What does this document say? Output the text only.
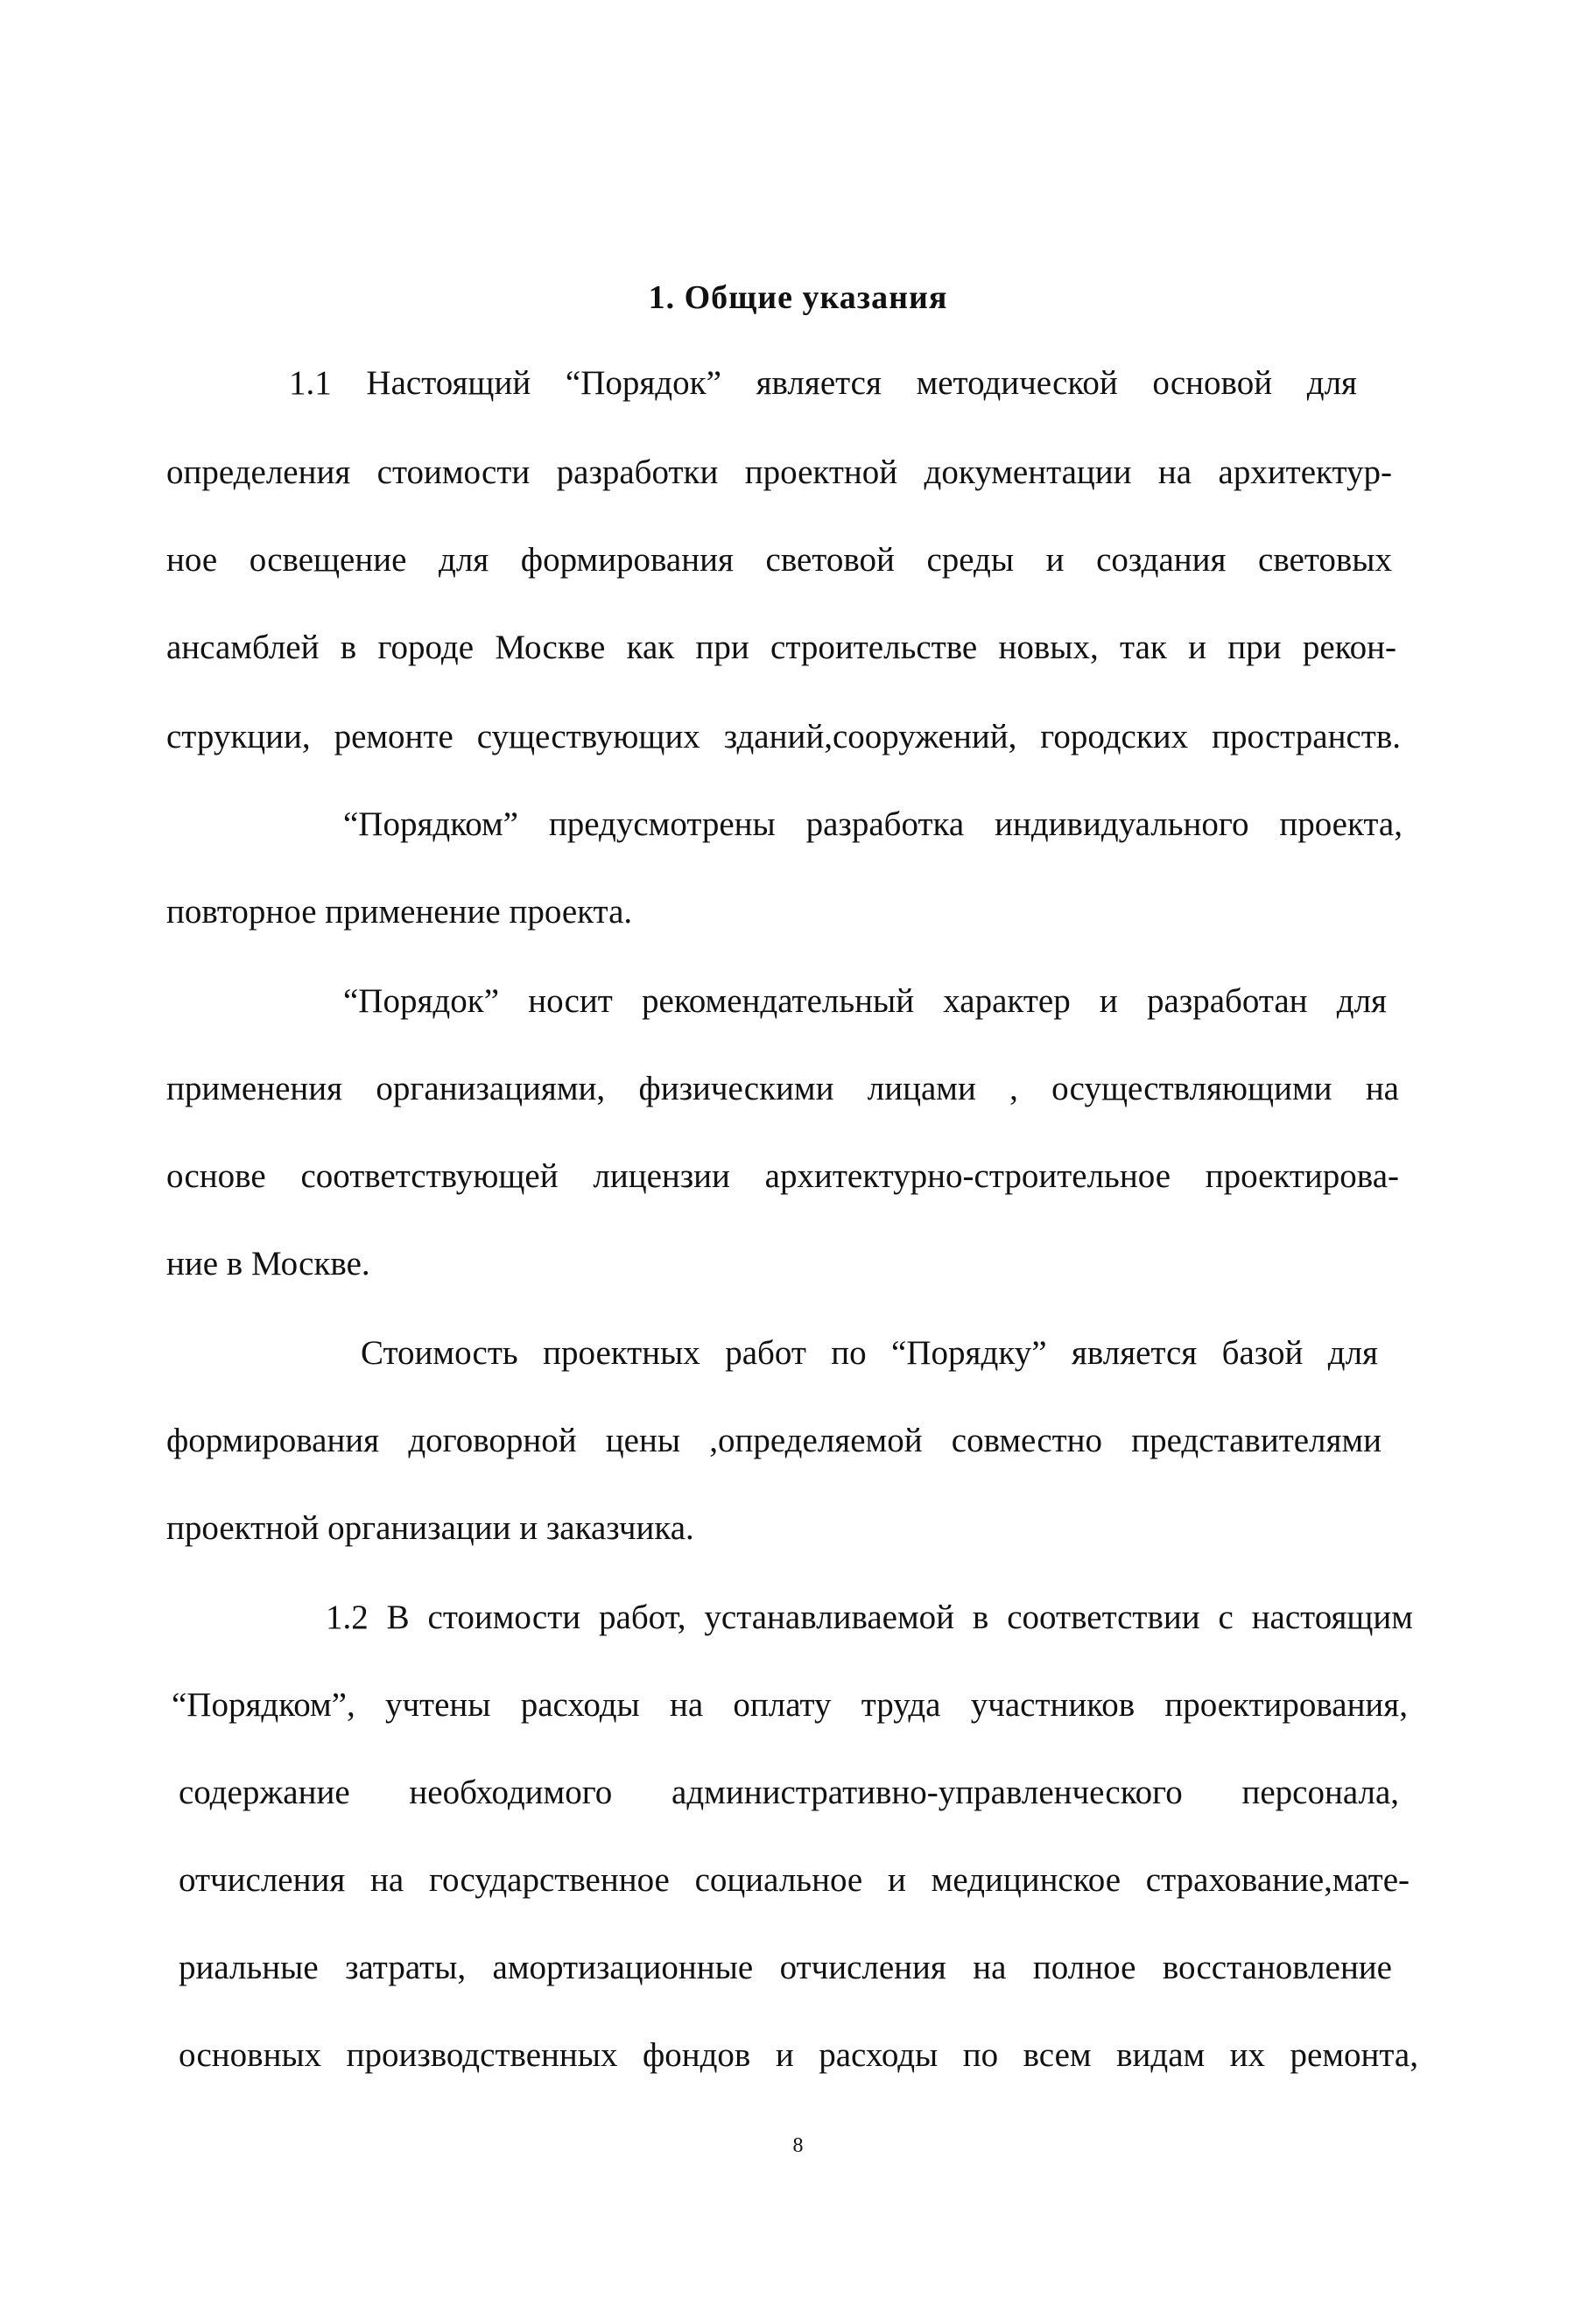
1. Общие указания
1.1 Настоящий “Порядок” является методической основой для
определения стоимости разработки проектной документации на архитектур-
ное освещение для формирования световой среды и создания световых
ансамблей в городе Москве как при строительстве новых, так и при рекон-
струкции, ремонте существующих зданий,сооружений, городских пространств.
“Порядком” предусмотрены разработка индивидуального проекта,
повторное применение проекта.
“Порядок” носит рекомендательный характер и разработан для
применения организациями, физическими лицами , осуществляющими на
основе соответствующей лицензии архитектурно-строительное проектирова-
ние в Москве.
Стоимость проектных работ по “Порядку” является базой для
формирования договорной цены ,определяемой совместно представителями
проектной организации и заказчика.
1.2 В стоимости работ, устанавливаемой в соответствии с настоящим
“Порядком”, учтены расходы на оплату труда участников проектирования,
содержание необходимого административно-управленческого персонала,
отчисления на государственное социальное и медицинское страхование,мате-
риальные затраты, амортизационные отчисления на полное восстановление
основных производственных фондов и расходы по всем видам их ремонта,
8
